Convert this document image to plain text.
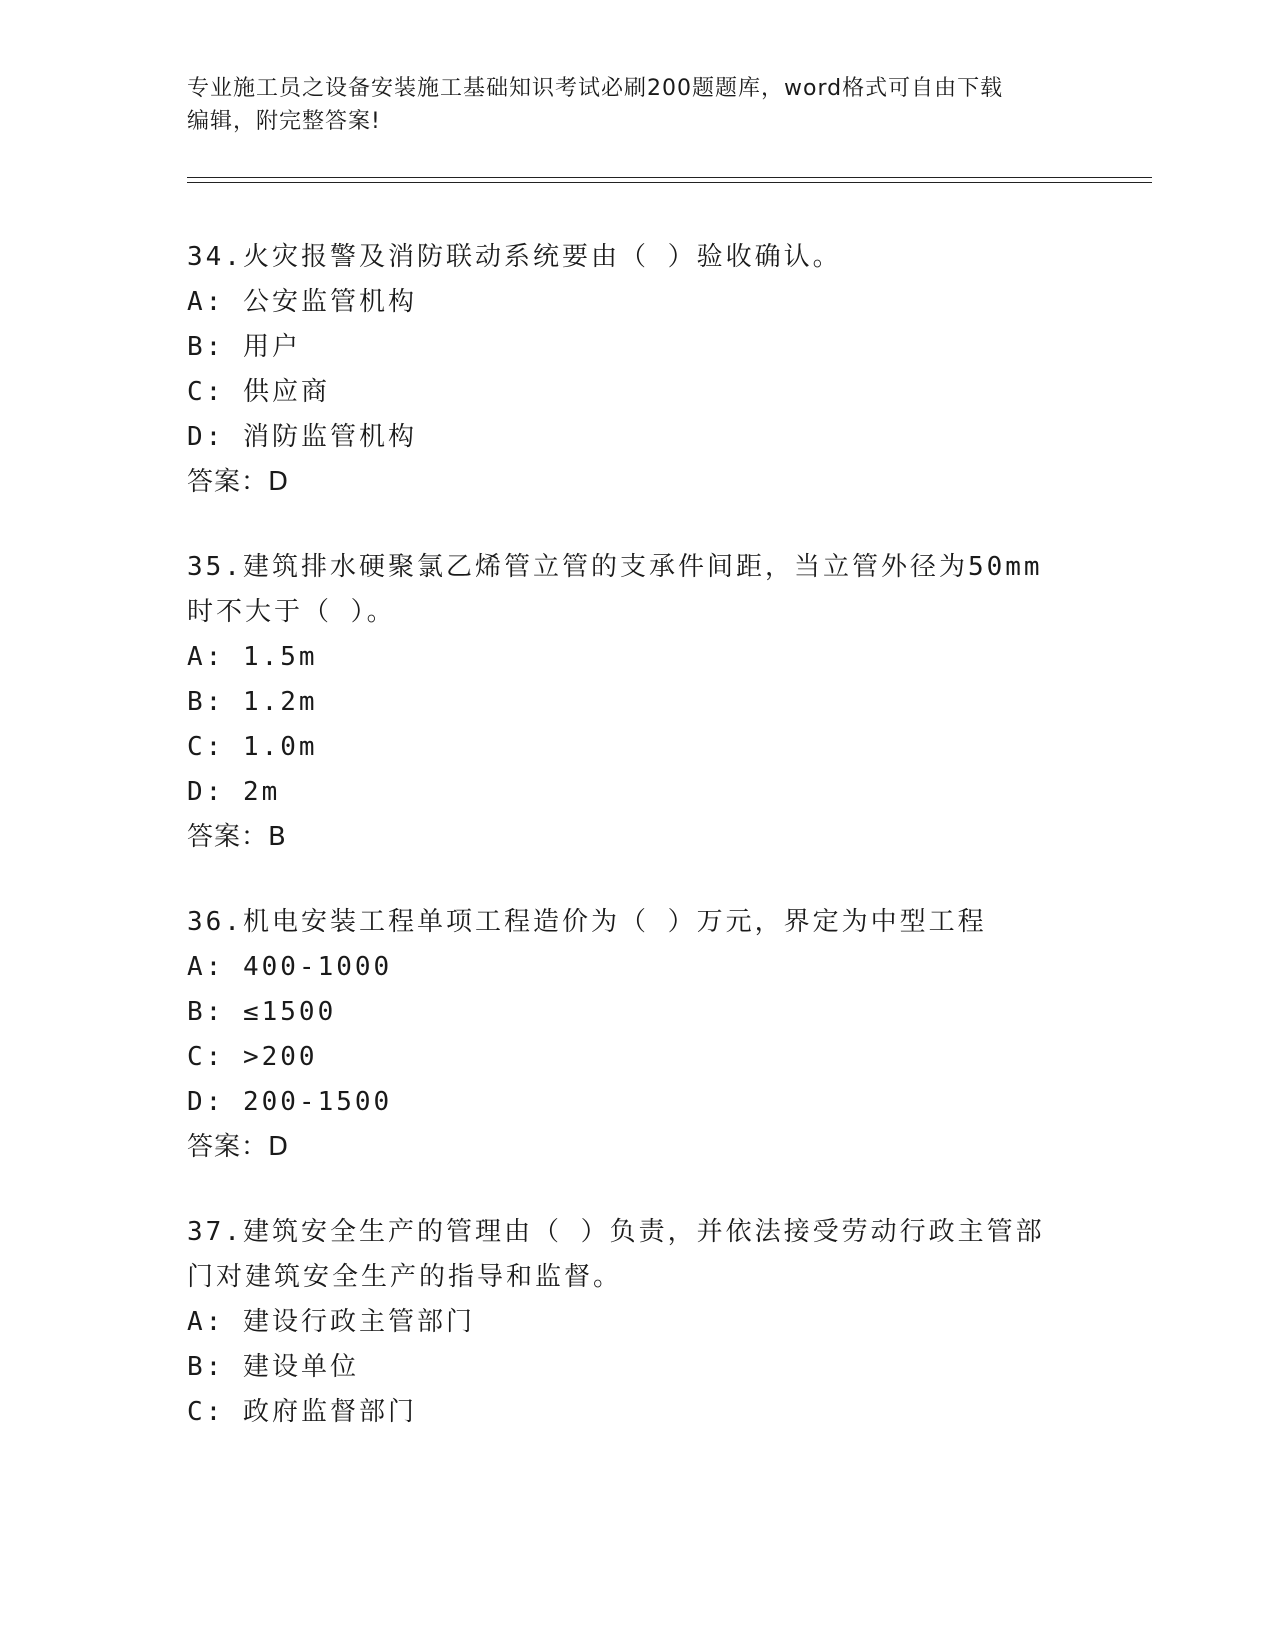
专业施工员之设备安装施工基础知识考试必刷200题题库，word格式可自由下载
编辑，附完整答案!

34.火灾报警及消防联动系统要由（ ）验收确认。

A: 公安监管机构

B: 用户

C: 供应商

D: 消防监管机构

答案：D

35.建筑排水硬聚氯乙烯管立管的支承件间距，当立管外径为50mm时不大于（ ）。

A: 1.5m

B: 1.2m

C: 1.0m

D: 2m

答案：B

36.机电安装工程单项工程造价为（ ）万元，界定为中型工程

A: 400-1000

B: ≤1500

C: >200

D: 200-1500

答案：D

37.建筑安全生产的管理由（ ）负责，并依法接受劳动行政主管部门对建筑安全生产的指导和监督。

A: 建设行政主管部门

B: 建设单位

C: 政府监督部门
